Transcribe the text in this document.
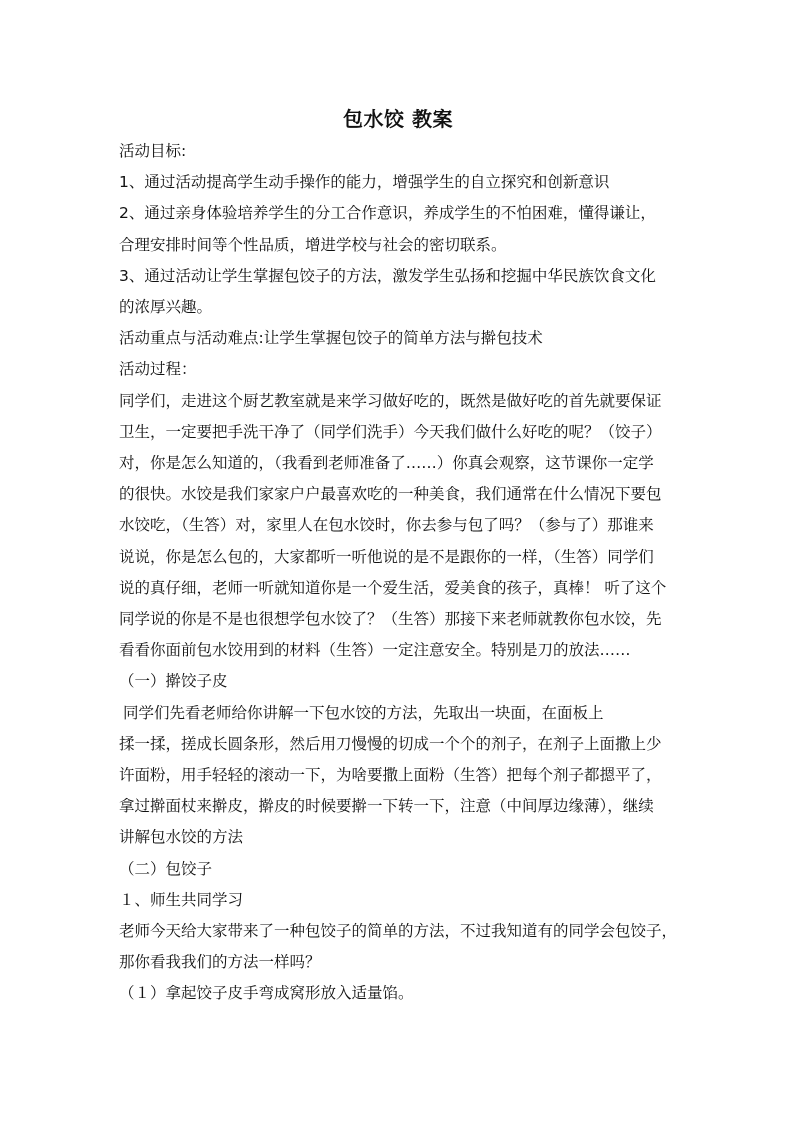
包水饺 教案

活动目标:

1、通过活动提高学生动手操作的能力，增强学生的自立探究和创新意识

2、通过亲身体验培养学生的分工合作意识，养成学生的不怕困难，懂得谦让，

合理安排时间等个性品质，增进学校与社会的密切联系。

3、通过活动让学生掌握包饺子的方法，激发学生弘扬和挖掘中华民族饮食文化

的浓厚兴趣。

活动重点与活动难点:让学生掌握包饺子的简单方法与擀包技术

活动过程：

同学们，走进这个厨艺教室就是来学习做好吃的，既然是做好吃的首先就要保证

卫生，一定要把手洗干净了（同学们洗手）今天我们做什么好吃的呢？（饺子）

对，你是怎么知道的，（我看到老师准备了……）你真会观察，这节课你一定学

的很快。水饺是我们家家户户最喜欢吃的一种美食，我们通常在什么情况下要包

水饺吃，（生答）对，家里人在包水饺时，你去参与包了吗？（参与了）那谁来

说说，你是怎么包的，大家都听一听他说的是不是跟你的一样，（生答）同学们

说的真仔细，老师一听就知道你是一个爱生活，爱美食的孩子，真棒！ 听了这个

同学说的你是不是也很想学包水饺了？（生答）那接下来老师就教你包水饺，先

看看你面前包水饺用到的材料（生答）一定注意安全。特别是刀的放法……

（一）擀饺子皮

同学们先看老师给你讲解一下包水饺的方法，先取出一块面，在面板上

揉一揉，搓成长圆条形，然后用刀慢慢的切成一个个的剂子，在剂子上面撒上少

许面粉，用手轻轻的滚动一下，为啥要撒上面粉（生答）把每个剂子都摁平了，

拿过擀面杖来擀皮，擀皮的时候要擀一下转一下，注意（中间厚边缘薄），继续

讲解包水饺的方法

（二）包饺子

１、师生共同学习

老师今天给大家带来了一种包饺子的简单的方法，不过我知道有的同学会包饺子，

那你看我我们的方法一样吗？

（１）拿起饺子皮手弯成窝形放入适量馅。
